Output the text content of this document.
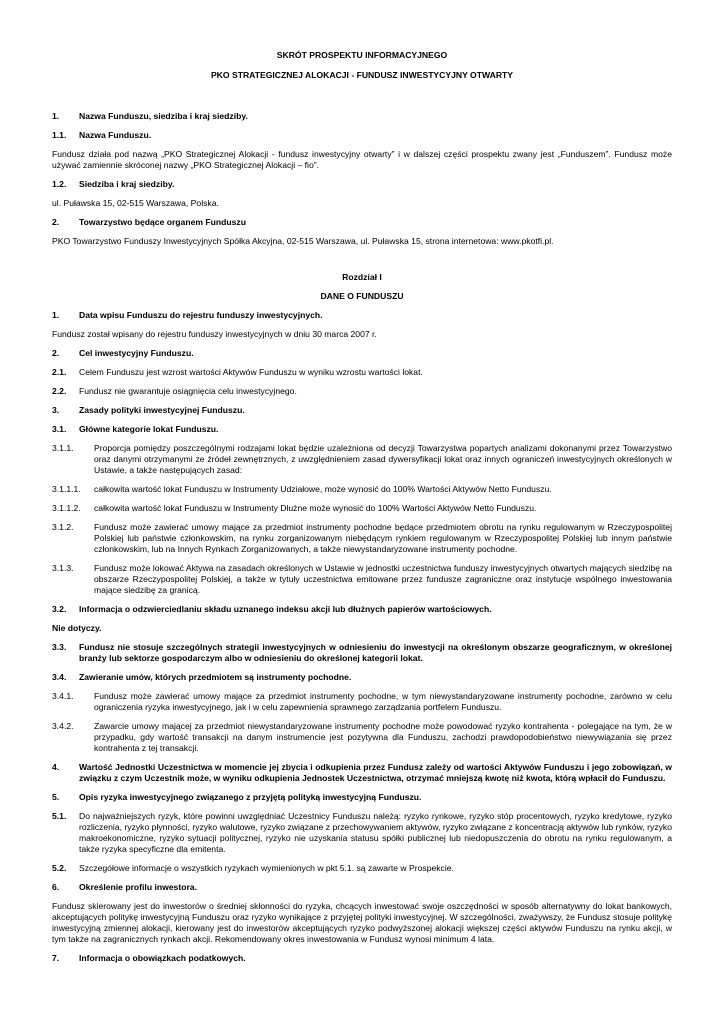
SKRÓT PROSPEKTU INFORMACYJNEGO

PKO STRATEGICZNEJ ALOKACJI - FUNDUSZ INWESTYCYJNY OTWARTY

1.	Nazwa Funduszu, siedziba i kraj siedziby.
1.1.	Nazwa Funduszu.

Fundusz działa pod nazwą „PKO Strategicznej Alokacji - fundusz inwestycyjny otwarty” i w dalszej części prospektu zwany jest „Funduszem”. Fundusz może używać zamiennie skróconej nazwy „PKO Strategicznej Alokacji – fio”.

1.2.	Siedziba i kraj siedziby.

ul. Puławska 15, 02-515 Warszawa, Polska.

2.	Towarzystwo będące organem Funduszu

PKO Towarzystwo Funduszy Inwestycyjnych Spółka Akcyjna, 02-515 Warszawa, ul. Puławska 15, strona internetowa: www.pkotfi.pl.

Rozdział I

DANE O FUNDUSZU

1.	Data wpisu Funduszu do rejestru funduszy inwestycyjnych.

Fundusz został wpisany do rejestru funduszy inwestycyjnych w dniu 30 marca 2007 r.

2.	Cel inwestycyjny Funduszu.
2.1.	Celem Funduszu jest wzrost wartości Aktywów Funduszu w wyniku wzrostu wartości lokat.
2.2.	Fundusz nie gwarantuje osiągnięcia celu inwestycyjnego.
3.	Zasady polityki inwestycyjnej Funduszu.
3.1.	Główne kategorie lokat Funduszu.
3.1.1.	Proporcja pomiędzy poszczególnymi rodzajami lokat będzie uzależniona od decyzji Towarzystwa popartych analizami dokonanymi przez Towarzystwo oraz danymi otrzymanymi ze źródeł zewnętrznych, z uwzględnieniem zasad dywersyfikacji lokat oraz innych ograniczeń inwestycyjnych określonych w Ustawie, a także następujących zasad:
3.1.1.1.	całkowita wartość lokat Funduszu w Instrumenty Udziałowe, może wynosić do 100% Wartości Aktywów Netto Funduszu.
3.1.1.2.	całkowita wartość lokat Funduszu w Instrumenty Dłużne może wynosić do 100% Wartości Aktywów Netto Funduszu.
3.1.2.	Fundusz może zawierać umowy mające za przedmiot instrumenty pochodne będące przedmiotem obrotu na rynku regulowanym w Rzeczypospolitej Polskiej lub państwie członkowskim, na rynku zorganizowanym niebędącym rynkiem regulowanym w Rzeczypospolitej Polskiej lub innym państwie członkowskim, lub na Innych Rynkach Zorganizowanych, a także niewystandaryzowane instrumenty pochodne.
3.1.3.	Fundusz może lokować Aktywa na zasadach określonych w Ustawie w jednostki uczestnictwa funduszy inwestycyjnych otwartych mających siedzibę na obszarze Rzeczypospolitej Polskiej, a także w tytuły uczestnictwa emitowane przez fundusze zagraniczne oraz instytucje wspólnego inwestowania mające siedzibę za granicą.
3.2.	Informacja o odzwierciedlaniu składu uznanego indeksu akcji lub dłużnych papierów wartościowych.

Nie dotyczy.

3.3.	Fundusz nie stosuje szczególnych strategii inwestycyjnych w odniesieniu do inwestycji na określonym obszarze geograficznym, w określonej branży lub sektorze gospodarczym albo w odniesieniu do określonej kategorii lokat.
3.4.	Zawieranie umów, których przedmiotem są instrumenty pochodne.
3.4.1.	Fundusz może zawierać umowy mające za przedmiot instrumenty pochodne, w tym niewystandaryzowane instrumenty pochodne, zarówno w celu ograniczenia ryzyka inwestycyjnego, jak i w celu zapewnienia sprawnego zarządzania portfelem Funduszu.
3.4.2.	Zawarcie umowy mającej za przedmiot niewystandaryzowane instrumenty pochodne może powodować ryzyko kontrahenta - polegające na tym, że w przypadku, gdy wartość transakcji na danym instrumencie jest pozytywna dla Funduszu, zachodzi prawdopodobieństwo niewywiązania się przez kontrahenta z tej transakcji.
4.	Wartość Jednostki Uczestnictwa w momencie jej zbycia i odkupienia przez Fundusz zależy od wartości Aktywów Funduszu i jego zobowiązań, w związku z czym Uczestnik może, w wyniku odkupienia Jednostek Uczestnictwa, otrzymać mniejszą kwotę niż kwota, którą wpłacił do Funduszu.
5.	Opis ryzyka inwestycyjnego związanego z przyjętą polityką inwestycyjną Funduszu.
5.1.	Do najważniejszych ryzyk, które powinni uwzględniać Uczestnicy Funduszu należą: ryzyko rynkowe, ryzyko stóp procentowych, ryzyko kredytowe, ryzyko rozliczenia, ryzyko płynności, ryzyko walutowe, ryzyko związane z przechowywaniem aktywów, ryzyko związane z koncentracją aktywów lub rynków, ryzyko makroekonomiczne, ryzyko sytuacji politycznej, ryzyko nie uzyskania statusu spółki publicznej lub niedopuszczenia do obrotu na rynku regulowanym, a także ryzyka specyficzne dla emitenta.
5.2.	Szczegółowe informacje o wszystkich ryzykach wymienionych w pkt 5.1. są zawarte w Prospekcie.
6.	Określenie profilu inwestora.

Fundusz skierowany jest do inwestorów o średniej skłonności do ryzyka, chcących inwestować swoje oszczędności w sposób alternatywny do lokat bankowych, akceptujących politykę inwestycyjną Funduszu oraz ryzyko wynikające z przyjętej polityki inwestycyjnej. W szczególności, zważywszy, że Fundusz stosuje politykę inwestycyjną zmiennej alokacji, kierowany jest do inwestorów akceptujących ryzyko podwyższonej alokacji większej części aktywów Funduszu na rynku akcji, w tym także na zagranicznych rynkach akcji. Rekomendowany okres inwestowania w Fundusz wynosi minimum 4 lata.

7.	Informacja o obowiązkach podatkowych.
